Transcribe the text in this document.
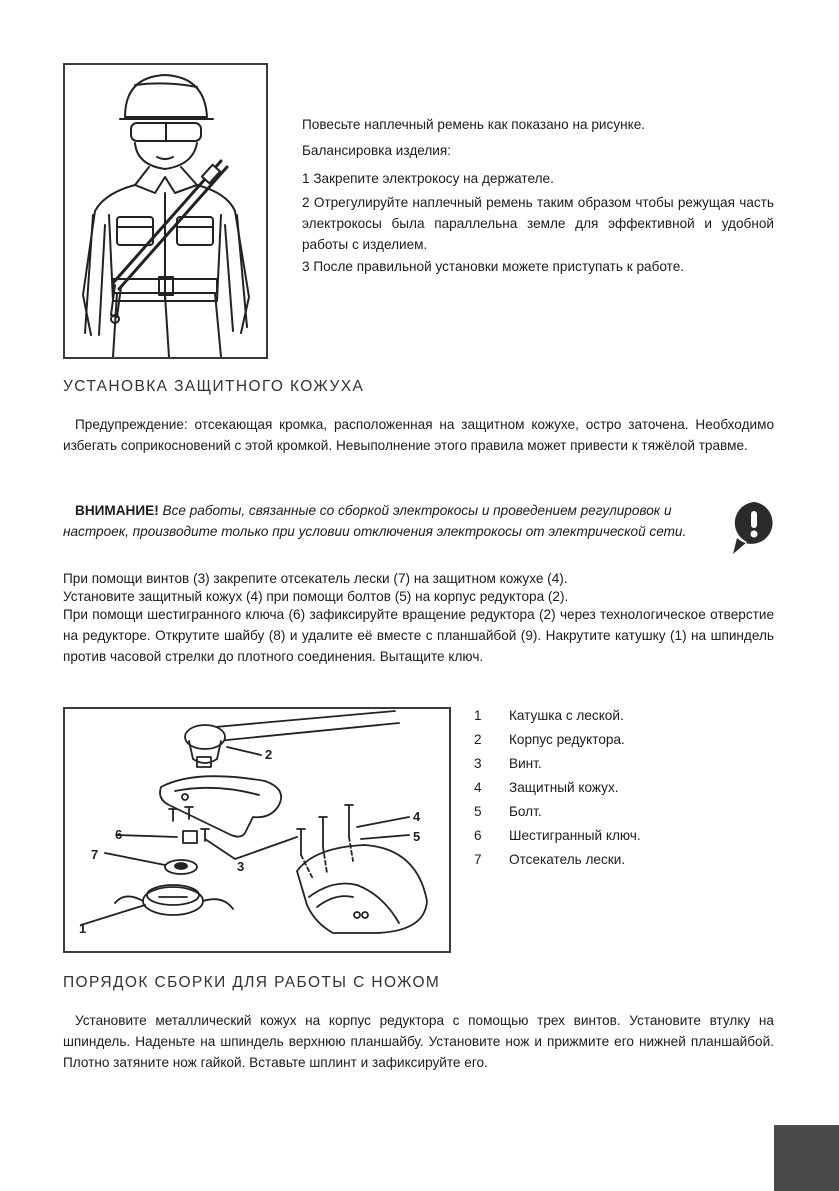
Повесьте наплечный ремень как показано на рисунке.
Балансировка изделия:
1 Закрепите электрокосу на держателе.
2 Отрегулируйте наплечный ремень таким образом чтобы режущая часть электрокосы была параллельна земле для эффективной и удобной работы с изделием.
3 После правильной установки можете приступать к работе.
УСТАНОВКА ЗАЩИТНОГО КОЖУХА
Предупреждение: отсекающая кромка, расположенная на защитном кожухе, остро заточена. Необходимо избегать соприкосновений с этой кромкой. Невыполнение этого правила может привести к тяжёлой травме.
ВНИМАНИЕ! Все работы, связанные со сборкой электрокосы и проведением регулировок и настроек, производите только при условии отключения электрокосы от электрической сети.
При помощи винтов (3) закрепите отсекатель лески (7) на защитном кожухе (4).
Установите защитный кожух (4) при помощи болтов (5) на корпус редуктора (2).
При помощи шестигранного ключа (6) зафиксируйте вращение редуктора (2) через технологическое отверстие на редукторе. Открутите шайбу (8) и удалите её вместе с планшайбой (9). Накрутите катушку (1) на шпиндель против часовой стрелки до плотного соединения. Вытащите ключ.
1
2
3
4
5
6
7
1	Катушка с леской.
2	Корпус редуктора.
3	Винт.
4	Защитный кожух.
5	Болт.
6	Шестигранный ключ.
7	Отсекатель лески.
ПОРЯДОК СБОРКИ ДЛЯ РАБОТЫ С НОЖОМ
Установите металлический кожух на корпус редуктора с помощью трех винтов. Установите втулку на шпиндель. Наденьте на шпиндель верхнюю планшайбу. Установите нож и прижмите его нижней планшайбой. Плотно затяните нож гайкой. Вставьте шплинт и зафиксируйте его.
